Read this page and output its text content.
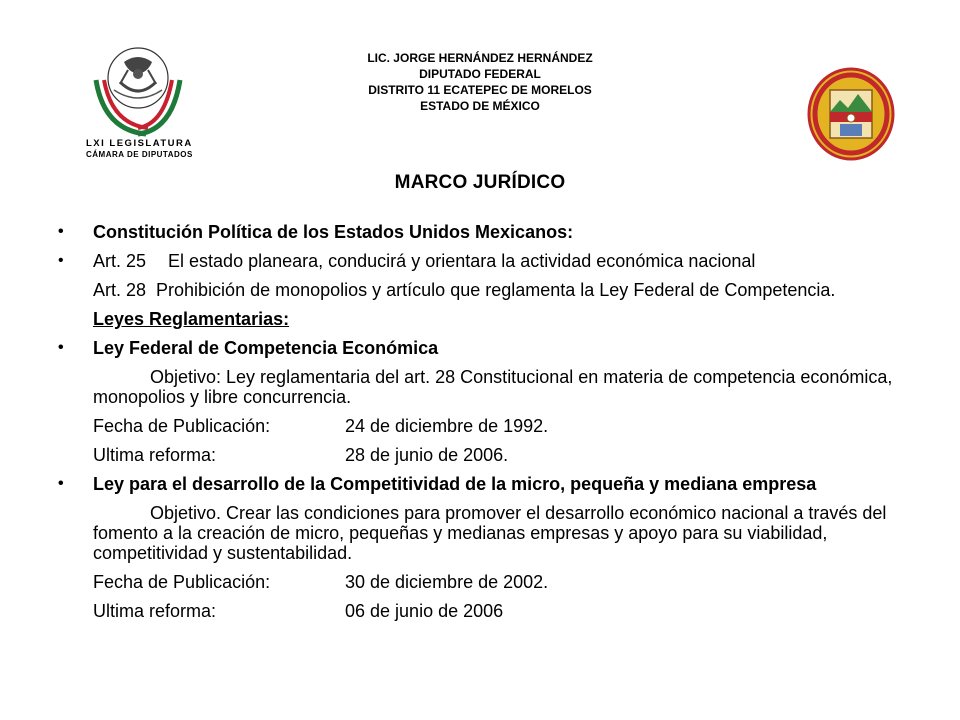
LXI LEGISLATURA
CÁMARA DE DIPUTADOS
LIC. JORGE HERNÁNDEZ HERNÁNDEZ
DIPUTADO FEDERAL
DISTRITO 11 ECATEPEC DE MORELOS
ESTADO DE MÉXICO
MARCO JURÍDICO
• Constitución Política de los Estados Unidos Mexicanos:
• Art. 25 El estado planeara, conducirá y orientara la actividad económica nacional
Art. 28 Prohibición de monopolios y artículo que reglamenta la Ley Federal de Competencia.
Leyes Reglamentarias:
• Ley Federal de Competencia Económica
Objetivo: Ley reglamentaria del art. 28 Constitucional en materia de competencia económica, monopolios y libre concurrencia.
Fecha de Publicación:	24 de diciembre de 1992.
Ultima reforma:	28 de junio de 2006.
• Ley para el desarrollo de la Competitividad de la micro, pequeña y mediana empresa
Objetivo. Crear las condiciones para promover el desarrollo económico nacional a través del fomento a la creación de micro, pequeñas y medianas empresas y apoyo para su viabilidad, competitividad y sustentabilidad.
Fecha de Publicación:	30 de diciembre de 2002.
Ultima reforma:	06 de junio de 2006
